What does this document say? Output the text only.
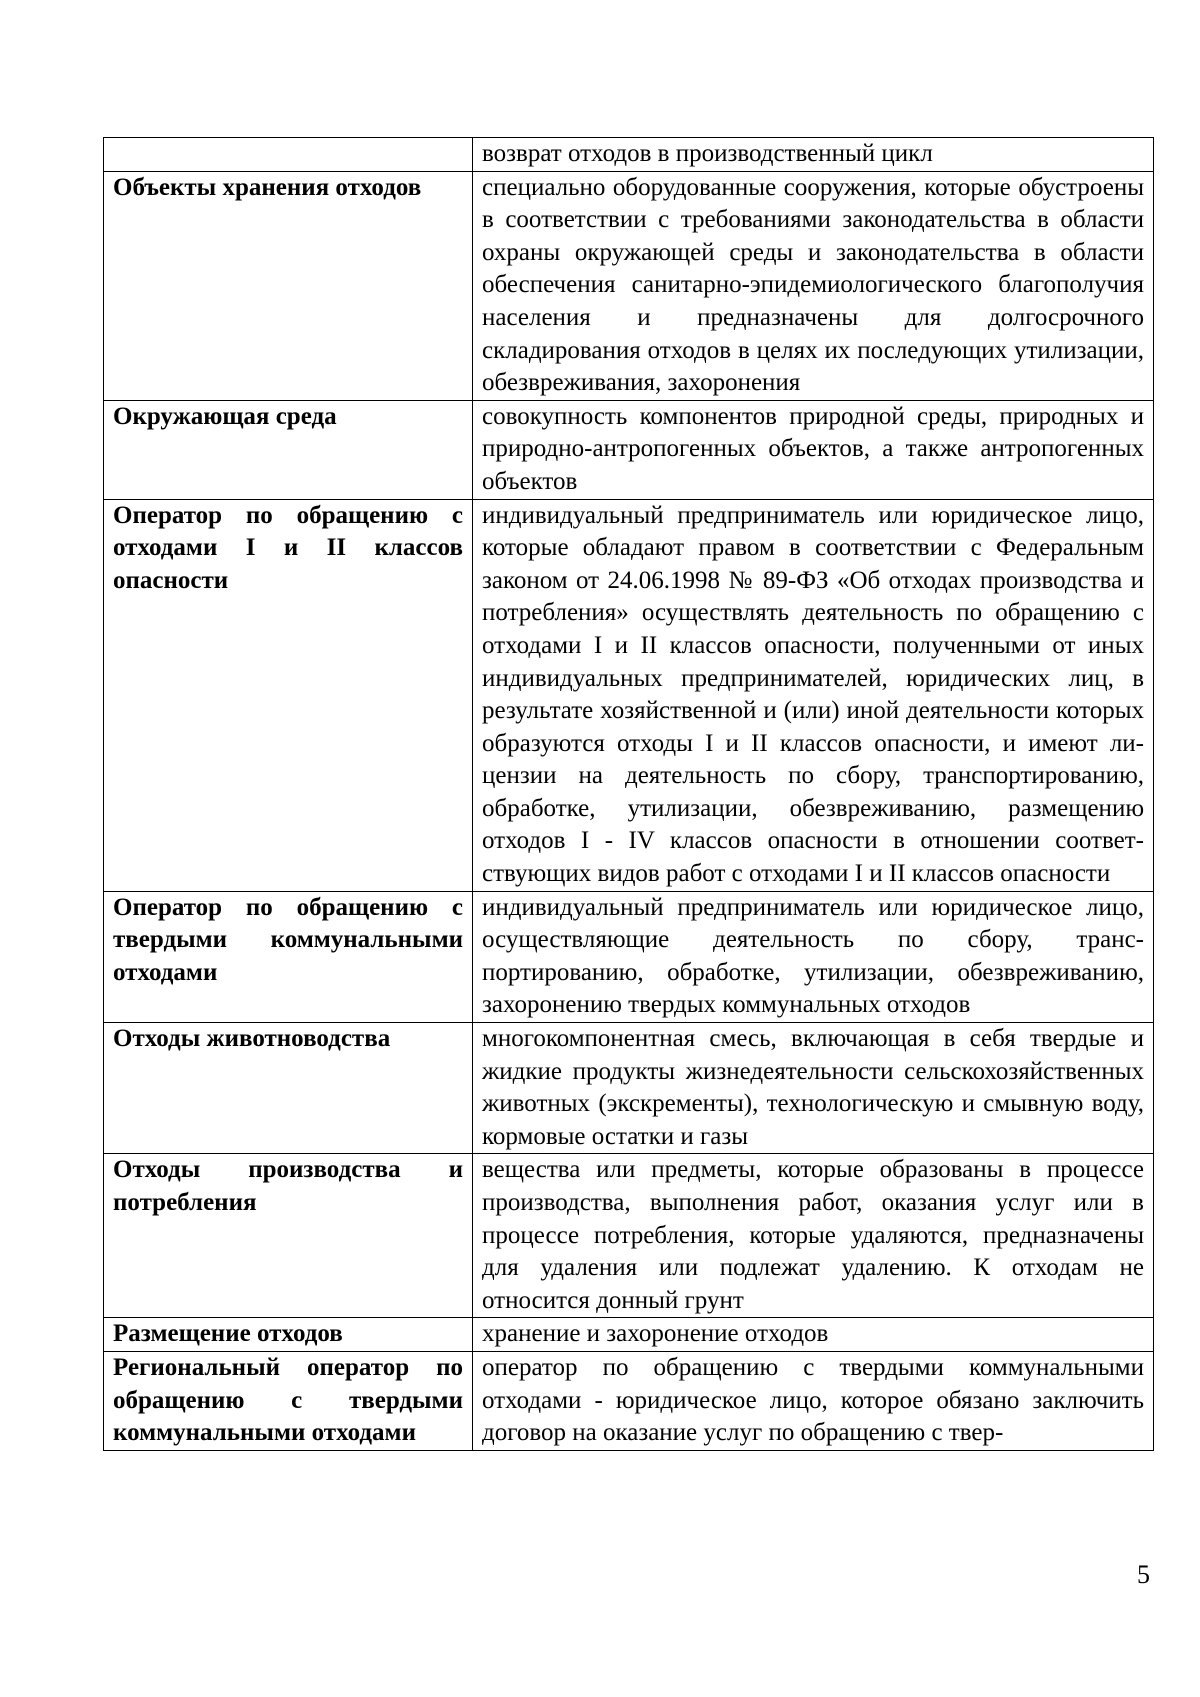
	возврат отходов в производственный цикл
Объекты хранения отходов	специально оборудованные сооружения, которые обустроены в соответствии с требованиями законодательства в области охраны окружающей среды и законодательства в области обеспечения санитарно-эпидемиологического благополучия населения и предназначены для долгосрочного складирования отходов в целях их последующих утилизации, обезвреживания, захоронения
Окружающая среда	совокупность компонентов природной среды, природных и природно-антропогенных объектов, а также антропогенных объектов
Оператор по обращению с отходами I и II классов опасности	индивидуальный предприниматель или юридическое лицо, которые обладают правом в соответствии с Федеральным законом от 24.06.1998 № 89-ФЗ «Об отходах производства и потребления» осуществлять деятельность по обращению с отходами I и II классов опасности, полученными от иных индивидуальных предпринимателей, юридических лиц, в результате хозяйственной и (или) иной деятельности которых образуются отходы I и II классов опасности, и имеют лицензии на деятельность по сбору, транспортированию, обработке, утилизации, обезвреживанию, размещению отходов I - IV классов опасности в отношении соответствующих видов работ с отходами I и II классов опасности
Оператор по обращению с твердыми коммунальными отходами	индивидуальный предприниматель или юридическое лицо, осуществляющие деятельность по сбору, транспортированию, обработке, утилизации, обезвреживанию, захоронению твердых коммунальных отходов
Отходы животноводства	многокомпонентная смесь, включающая в себя твердые и жидкие продукты жизнедеятельности сельскохозяйственных животных (экскременты), технологическую и смывную воду, кормовые остатки и газы
Отходы производства и потребления	вещества или предметы, которые образованы в процессе производства, выполнения работ, оказания услуг или в процессе потребления, которые удаляются, предназначены для удаления или подлежат удалению. К отходам не относится донный грунт
Размещение отходов	хранение и захоронение отходов
Региональный оператор по обращению с твердыми коммунальными отходами	оператор по обращению с твердыми коммунальными отходами - юридическое лицо, которое обязано заключить договор на оказание услуг по обращению с твер-
5
